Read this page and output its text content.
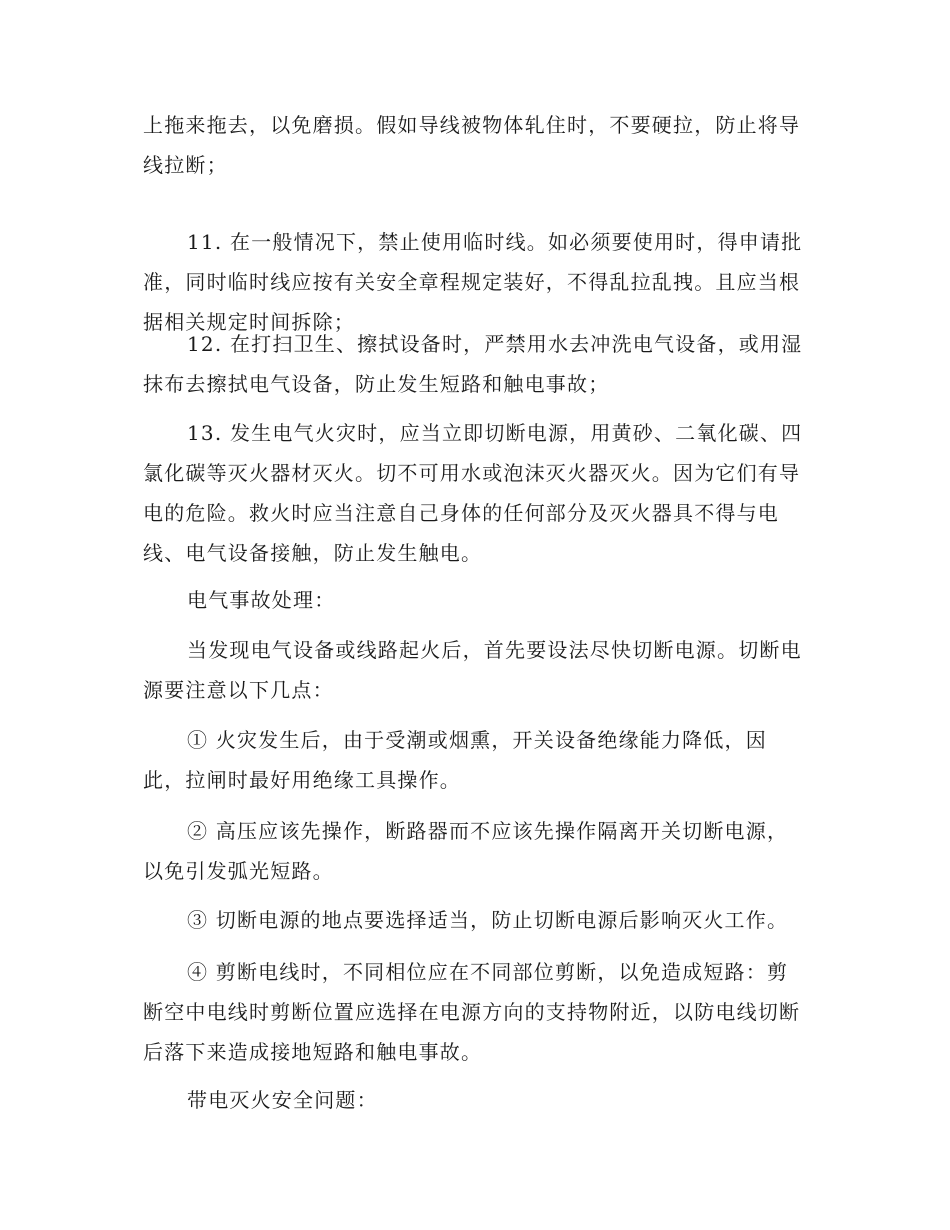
上拖来拖去，以免磨损。假如导线被物体轧住时，不要硬拉，防止将导线拉断；

11. 在一般情况下，禁止使用临时线。如必须要使用时，得申请批准，同时临时线应按有关安全章程规定装好，不得乱拉乱拽。且应当根据相关规定时间拆除；

12. 在打扫卫生、擦拭设备时，严禁用水去冲洗电气设备，或用湿抹布去擦拭电气设备，防止发生短路和触电事故；

13. 发生电气火灾时，应当立即切断电源，用黄砂、二氧化碳、四氯化碳等灭火器材灭火。切不可用水或泡沫灭火器灭火。因为它们有导电的危险。救火时应当注意自己身体的任何部分及灭火器具不得与电线、电气设备接触，防止发生触电。

电气事故处理：

当发现电气设备或线路起火后，首先要设法尽快切断电源。切断电源要注意以下几点：

① 火灾发生后，由于受潮或烟熏，开关设备绝缘能力降低，因此，拉闸时最好用绝缘工具操作。

② 高压应该先操作，断路器而不应该先操作隔离开关切断电源，以免引发弧光短路。

③ 切断电源的地点要选择适当，防止切断电源后影响灭火工作。

④ 剪断电线时，不同相位应在不同部位剪断，以免造成短路：剪断空中电线时剪断位置应选择在电源方向的支持物附近，以防电线切断后落下来造成接地短路和触电事故。

带电灭火安全问题：
